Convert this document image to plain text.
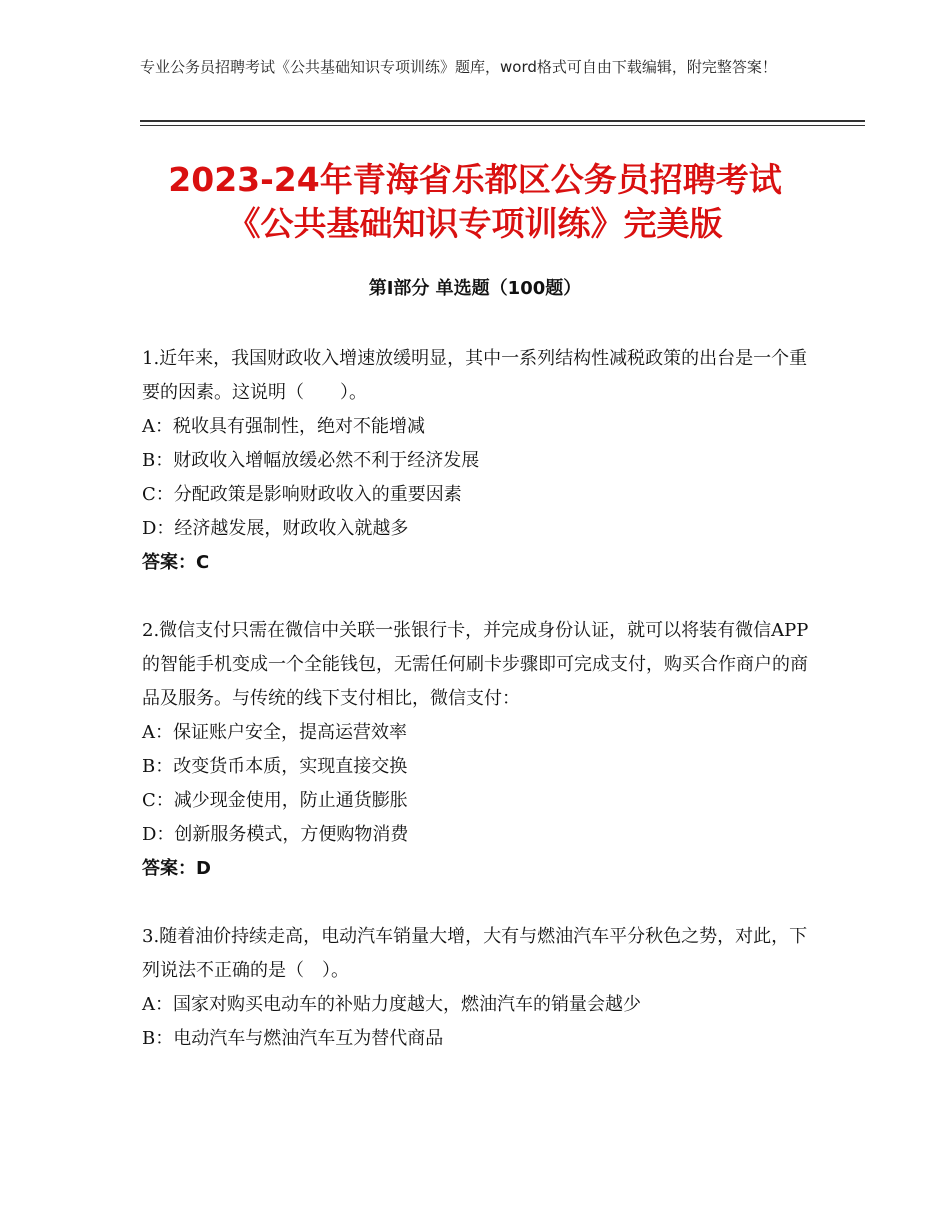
专业公务员招聘考试《公共基础知识专项训练》题库，word格式可自由下载编辑，附完整答案！
2023-24年青海省乐都区公务员招聘考试
《公共基础知识专项训练》完美版
第Ⅰ部分 单选题（100题）

1.近年来，我国财政收入增速放缓明显，其中一系列结构性减税政策的出台是一个重要的因素。这说明（　　）。

A：税收具有强制性，绝对不能增减

B：财政收入增幅放缓必然不利于经济发展

C：分配政策是影响财政收入的重要因素

D：经济越发展，财政收入就越多

答案：C

2.微信支付只需在微信中关联一张银行卡，并完成身份认证，就可以将装有微信APP的智能手机变成一个全能钱包，无需任何刷卡步骤即可完成支付，购买合作商户的商品及服务。与传统的线下支付相比，微信支付：

A：保证账户安全，提高运营效率

B：改变货币本质，实现直接交换

C：减少现金使用，防止通货膨胀

D：创新服务模式，方便购物消费

答案：D

3.随着油价持续走高，电动汽车销量大增，大有与燃油汽车平分秋色之势，对此，下列说法不正确的是（　）。

A：国家对购买电动车的补贴力度越大，燃油汽车的销量会越少

B：电动汽车与燃油汽车互为替代商品
